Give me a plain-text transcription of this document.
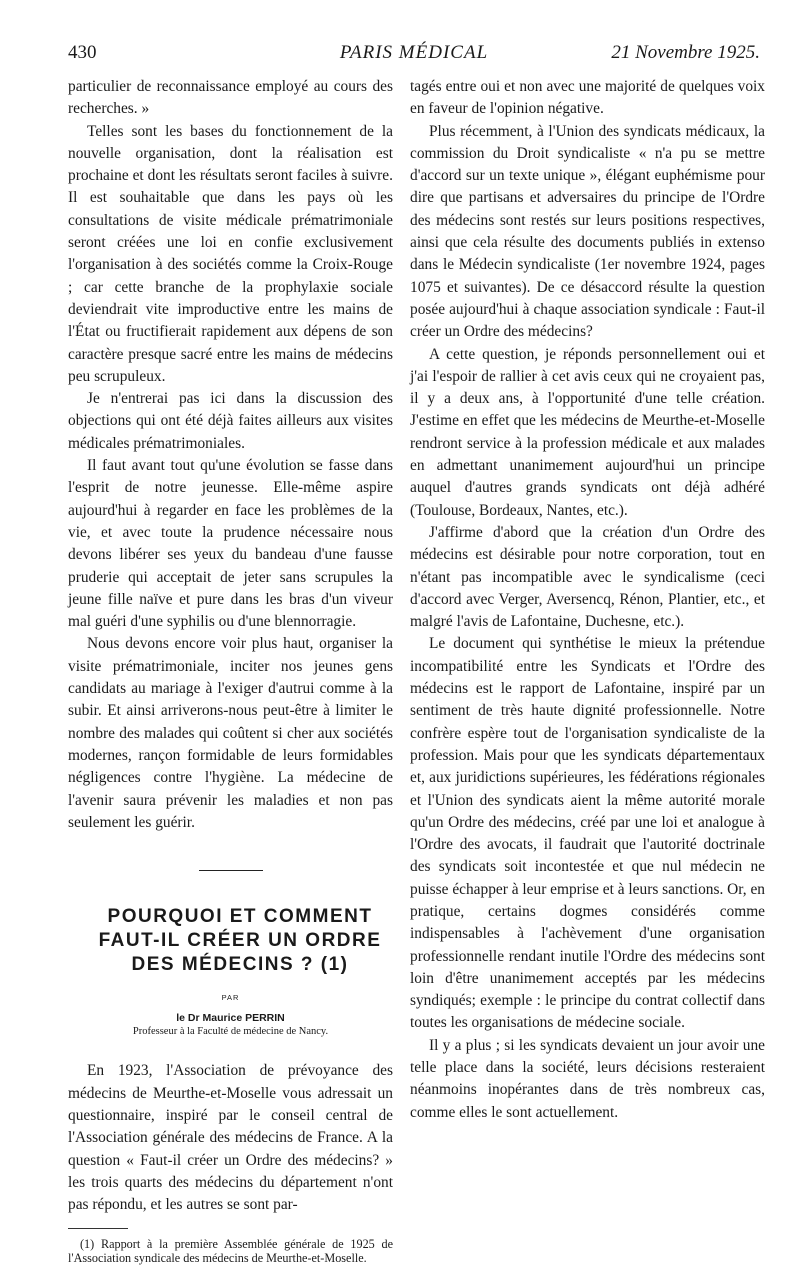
430	PARIS MÉDICAL	21 Novembre 1925.

particulier de reconnaissance employé au cours des recherches. »

Telles sont les bases du fonctionnement de la nouvelle organisation, dont la réalisation est prochaine et dont les résultats seront faciles à suivre. Il est souhaitable que dans les pays où les consultations de visite médicale prématrimoniale seront créées une loi en confie exclusivement l'organisation à des sociétés comme la Croix-Rouge ; car cette branche de la prophylaxie sociale deviendrait vite improductive entre les mains de l'État ou fructifierait rapidement aux dépens de son caractère presque sacré entre les mains de médecins peu scrupuleux.

Je n'entrerai pas ici dans la discussion des objections qui ont été déjà faites ailleurs aux visites médicales prématrimoniales.

Il faut avant tout qu'une évolution se fasse dans l'esprit de notre jeunesse. Elle-même aspire aujourd'hui à regarder en face les problèmes de la vie, et avec toute la prudence nécessaire nous devons libérer ses yeux du bandeau d'une fausse pruderie qui acceptait de jeter sans scrupules la jeune fille naïve et pure dans les bras d'un viveur mal guéri d'une syphilis ou d'une blennorragie.

Nous devons encore voir plus haut, organiser la visite prématrimoniale, inciter nos jeunes gens candidats au mariage à l'exiger d'autrui comme à la subir. Et ainsi arriverons-nous peut-être à limiter le nombre des malades qui coûtent si cher aux sociétés modernes, rançon formidable de leurs formidables négligences contre l'hygiène. La médecine de l'avenir saura prévenir les maladies et non pas seulement les guérir.

POURQUOI ET COMMENT

FAUT-IL CRÉER UN ORDRE

DES MÉDECINS ? (1)

PAR
le Dr Maurice PERRIN
Professeur à la Faculté de médecine de Nancy.

En 1923, l'Association de prévoyance des médecins de Meurthe-et-Moselle vous adressait un questionnaire, inspiré par le conseil central de l'Association générale des médecins de France. A la question « Faut-il créer un Ordre des médecins? » les trois quarts des médecins du département n'ont pas répondu, et les autres se sont par-

(1) Rapport à la première Assemblée générale de 1925 de l'Association syndicale des médecins de Meurthe-et-Moselle.

tagés entre oui et non avec une majorité de quelques voix en faveur de l'opinion négative.

Plus récemment, à l'Union des syndicats médicaux, la commission du Droit syndicaliste « n'a pu se mettre d'accord sur un texte unique », élégant euphémisme pour dire que partisans et adversaires du principe de l'Ordre des médecins sont restés sur leurs positions respectives, ainsi que cela résulte des documents publiés in extenso dans le Médecin syndicaliste (1er novembre 1924, pages 1075 et suivantes). De ce désaccord résulte la question posée aujourd'hui à chaque association syndicale : Faut-il créer un Ordre des médecins?

A cette question, je réponds personnellement oui et j'ai l'espoir de rallier à cet avis ceux qui ne croyaient pas, il y a deux ans, à l'opportunité d'une telle création. J'estime en effet que les médecins de Meurthe-et-Moselle rendront service à la profession médicale et aux malades en admettant unanimement aujourd'hui un principe auquel d'autres grands syndicats ont déjà adhéré (Toulouse, Bordeaux, Nantes, etc.).

J'affirme d'abord que la création d'un Ordre des médecins est désirable pour notre corporation, tout en n'étant pas incompatible avec le syndicalisme (ceci d'accord avec Verger, Aversencq, Rénon, Plantier, etc., et malgré l'avis de Lafontaine, Duchesne, etc.).

Le document qui synthétise le mieux la prétendue incompatibilité entre les Syndicats et l'Ordre des médecins est le rapport de Lafontaine, inspiré par un sentiment de très haute dignité professionnelle. Notre confrère espère tout de l'organisation syndicaliste de la profession. Mais pour que les syndicats départementaux et, aux juridictions supérieures, les fédérations régionales et l'Union des syndicats aient la même autorité morale qu'un Ordre des médecins, créé par une loi et analogue à l'Ordre des avocats, il faudrait que l'autorité doctrinale des syndicats soit incontestée et que nul médecin ne puisse échapper à leur emprise et à leurs sanctions. Or, en pratique, certains dogmes considérés comme indispensables à l'achèvement d'une organisation professionnelle rendant inutile l'Ordre des médecins sont loin d'être unanimement acceptés par les médecins syndiqués; exemple : le principe du contrat collectif dans toutes les organisations de médecine sociale.

Il y a plus ; si les syndicats devaient un jour avoir une telle place dans la société, leurs décisions resteraient néanmoins inopérantes dans de très nombreux cas, comme elles le sont actuellement.
